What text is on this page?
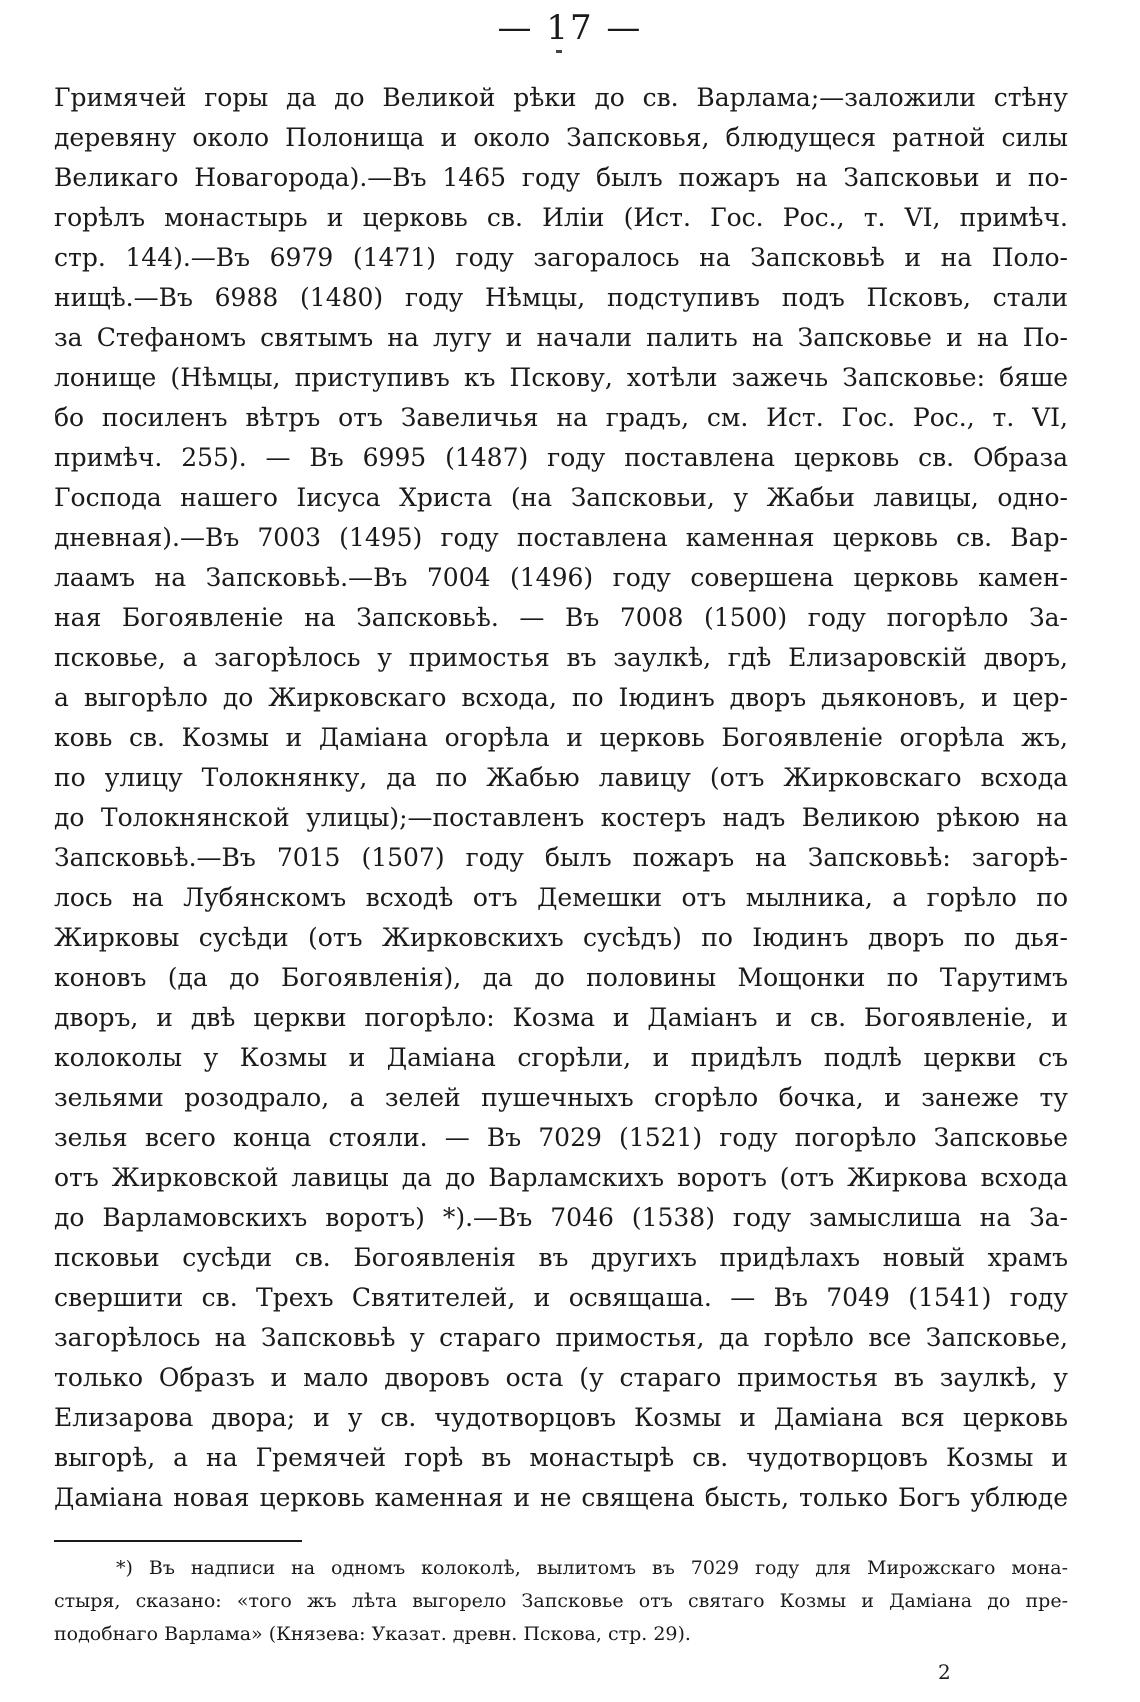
— 17 —
Гримячей горы да до Великой рѣки до св. Варлама;—заложили стѣну
деревяну около Полонища и около Запсковья, блюдущеся ратной силы
Великаго Новагорода).—Въ 1465 году былъ пожаръ на Запсковьи и по-
горѣлъ монастырь и церковь св. Иліи (Ист. Гос. Рос., т. VI, примѣч.
стр. 144).—Въ 6979 (1471) году загоралось на Запсковьѣ и на Поло-
нищѣ.—Въ 6988 (1480) году Нѣмцы, подступивъ подъ Псковъ, стали
за Стефаномъ святымъ на лугу и начали палить на Запсковье и на По-
лонище (Нѣмцы, приступивъ къ Пскову, хотѣли зажечь Запсковье: бяше
бо посиленъ вѣтръ отъ Завеличья на градъ, см. Ист. Гос. Рос., т. VI,
примѣч. 255). — Въ 6995 (1487) году поставлена церковь св. Образа
Господа нашего Іисуса Христа (на Запсковьи, у Жабьи лавицы, одно-
дневная).—Въ 7003 (1495) году поставлена каменная церковь св. Вар-
лаамъ на Запсковьѣ.—Въ 7004 (1496) году совершена церковь камен-
ная Богоявленіе на Запсковьѣ. — Въ 7008 (1500) году погорѣло За-
псковье, а загорѣлось у примостья въ заулкѣ, гдѣ Елизаровскій дворъ,
а выгорѣло до Жирковскаго всхода, по Іюдинъ дворъ дьяконовъ, и цер-
ковь св. Козмы и Даміана огорѣла и церковь Богоявленіе огорѣла жъ,
по улицу Толокнянку, да по Жабью лавицу (отъ Жирковскаго всхода
до Толокнянской улицы);—поставленъ костеръ надъ Великою рѣкою на
Запсковьѣ.—Въ 7015 (1507) году былъ пожаръ на Запсковьѣ: загорѣ-
лось на Лубянскомъ всходѣ отъ Демешки отъ мылника, а горѣло по
Жирковы сусѣди (отъ Жирковскихъ сусѣдъ) по Іюдинъ дворъ по дья-
коновъ (да до Богоявленія), да до половины Мощонки по Тарутимъ
дворъ, и двѣ церкви погорѣло: Козма и Даміанъ и св. Богоявленіе, и
колоколы у Козмы и Даміана сгорѣли, и придѣлъ подлѣ церкви съ
зельями розодрало, а зелей пушечныхъ сгорѣло бочка, и занеже ту
зелья всего конца стояли. — Въ 7029 (1521) году погорѣло Запсковье
отъ Жирковской лавицы да до Варламскихъ воротъ (отъ Жиркова всхода
до Варламовскихъ воротъ) *).—Въ 7046 (1538) году замыслиша на За-
псковьи сусѣди св. Богоявленія въ другихъ придѣлахъ новый храмъ
свершити св. Трехъ Святителей, и освящаша. — Въ 7049 (1541) году
загорѣлось на Запсковьѣ у стараго примостья, да горѣло все Запсковье,
только Образъ и мало дворовъ оста (у стараго примостья въ заулкѣ, у
Елизарова двора; и у св. чудотворцовъ Козмы и Даміана вся церковь
выгорѣ, а на Гремячей горѣ въ монастырѣ св. чудотворцовъ Козмы и
Даміана новая церковь каменная и не священа бысть, только Богъ ублюде
*) Въ надписи на одномъ колоколѣ, вылитомъ въ 7029 году для Мирожскаго мона-
стыря, сказано: «того жъ лѣта выгорело Запсковье отъ святаго Козмы и Даміана до пре-
подобнаго Варлама» (Князева: Указат. древн. Пскова, стр. 29).
2
